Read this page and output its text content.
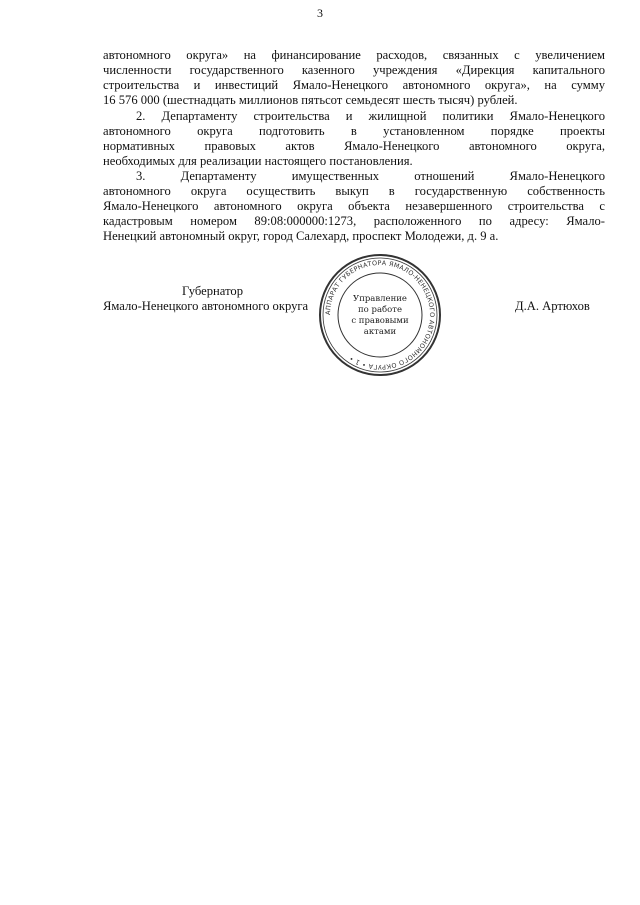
3
автономного округа» на финансирование расходов, связанных с увеличением
численности государственного казенного учреждения «Дирекция капитального
строительства и инвестиций Ямало-Ненецкого автономного округа», на сумму
16 576 000 (шестнадцать миллионов пятьсот семьдесят шесть тысяч) рублей.
2. Департаменту строительства и жилищной политики Ямало-Ненецкого
автономного округа подготовить в установленном порядке проекты
нормативных правовых актов Ямало-Ненецкого автономного округа,
необходимых для реализации настоящего постановления.
3. Департаменту имущественных отношений Ямало-Ненецкого
автономного округа осуществить выкуп в государственную собственность
Ямало-Ненецкого автономного округа объекта незавершенного строительства с
кадастровым номером 89:08:000000:1273, расположенного по адресу: Ямало-
Ненецкий автономный округ, город Салехард, проспект Молодежи, д. 9 а.
Губернатор
Ямало-Ненецкого автономного округа	Д.А. Артюхов
АППАРАТ ГУБЕРНАТОРА ЯМАЛО-НЕНЕЦКОГО АВТОНОМНОГО ОКРУГА • 1 •
Управление
по работе
с правовыми
актами
